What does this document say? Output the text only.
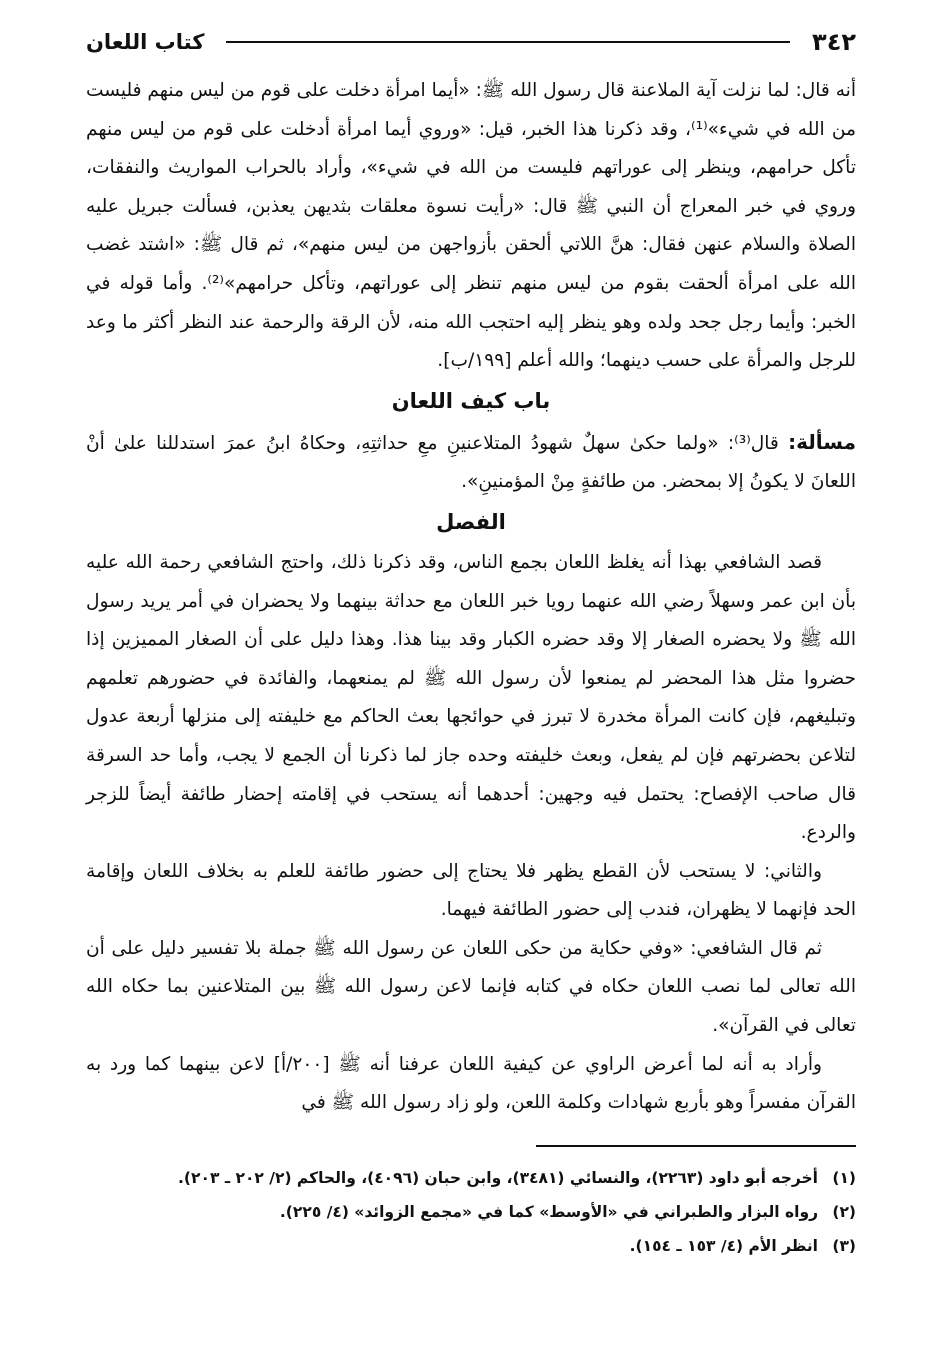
٣٤٢
كتاب اللعان

أنه قال: لما نزلت آية الملاعنة قال رسول الله ﷺ: «أيما امرأة دخلت على قوم من ليس منهم فليست من الله في شيء»⁽¹⁾، وقد ذكرنا هذا الخبر، قيل: «وروي أيما امرأة أدخلت على قوم من ليس منهم تأكل حرامهم، وينظر إلى عوراتهم فليست من الله في شيء»، وأراد بالحراب المواريث والنفقات، وروي في خبر المعراج أن النبي ﷺ قال: «رأيت نسوة معلقات بثديهن يعذبن، فسألت جبريل عليه الصلاة والسلام عنهن فقال: هنَّ اللاتي ألحقن بأزواجهن من ليس منهم»، ثم قال ﷺ: «اشتد غضب الله على امرأة ألحقت بقوم من ليس منهم تنظر إلى عوراتهم، وتأكل حرامهم»⁽²⁾. وأما قوله في الخبر: وأيما رجل جحد ولده وهو ينظر إليه احتجب الله منه، لأن الرقة والرحمة عند النظر أكثر ما وعد للرجل والمرأة على حسب دينهما؛ والله أعلم [١٩٩/ب].

باب كيف اللعان

مسألة: قال⁽³⁾: «ولما حكىٰ سهلٌ شهودُ المتلاعنينِ معِ حداثتِهِ، وحكاهُ ابنُ عمرَ استدللنا علىٰ أنْ اللعانَ لا يكونُ إلا بمحضر. من طائفةٍ مِنْ المؤمنينِ».

الفصل

قصد الشافعي بهذا أنه يغلظ اللعان بجمع الناس، وقد ذكرنا ذلك، واحتج الشافعي رحمة الله عليه بأن ابن عمر وسهلاً رضي الله عنهما رويا خبر اللعان مع حداثة بينهما ولا يحضران في أمر يريد رسول الله ﷺ ولا يحضره الصغار إلا وقد حضره الكبار وقد بينا هذا. وهذا دليل على أن الصغار المميزين إذا حضروا مثل هذا المحضر لم يمنعوا لأن رسول الله ﷺ لم يمنعهما، والفائدة في حضورهم تعلمهم وتبليغهم، فإن كانت المرأة مخدرة لا تبرز في حوائجها بعث الحاكم مع خليفته إلى منزلها أربعة عدول لتلاعن بحضرتهم فإن لم يفعل، وبعث خليفته وحده جاز لما ذكرنا أن الجمع لا يجب، وأما حد السرقة قال صاحب الإفصاح: يحتمل فيه وجهين: أحدهما أنه يستحب في إقامته إحضار طائفة أيضاً للزجر والردع.

والثاني: لا يستحب لأن القطع يظهر فلا يحتاج إلى حضور طائفة للعلم به بخلاف اللعان وإقامة الحد فإنهما لا يظهران، فندب إلى حضور الطائفة فيهما.

ثم قال الشافعي: «وفي حكاية من حكى اللعان عن رسول الله ﷺ جملة بلا تفسير دليل على أن الله تعالى لما نصب اللعان حكاه في كتابه فإنما لاعن رسول الله ﷺ بين المتلاعنين بما حكاه الله تعالى في القرآن».

وأراد به أنه لما أعرض الراوي عن كيفية اللعان عرفنا أنه ﷺ [٢٠٠/أ] لاعن بينهما كما ورد به القرآن مفسراً وهو بأربع شهادات وكلمة اللعن، ولو زاد رسول الله ﷺ في

(١)
أخرجه أبو داود (٢٢٦٣)، والنسائي (٣٤٨١)، وابن حبان (٤٠٩٦)، والحاكم (٢/ ٢٠٢ ـ ٢٠٣).
(٢)
رواه البزار والطبراني في «الأوسط» كما في «مجمع الزوائد» (٤/ ٢٢٥).
(٣)
انظر الأم (٤/ ١٥٣ ـ ١٥٤).
